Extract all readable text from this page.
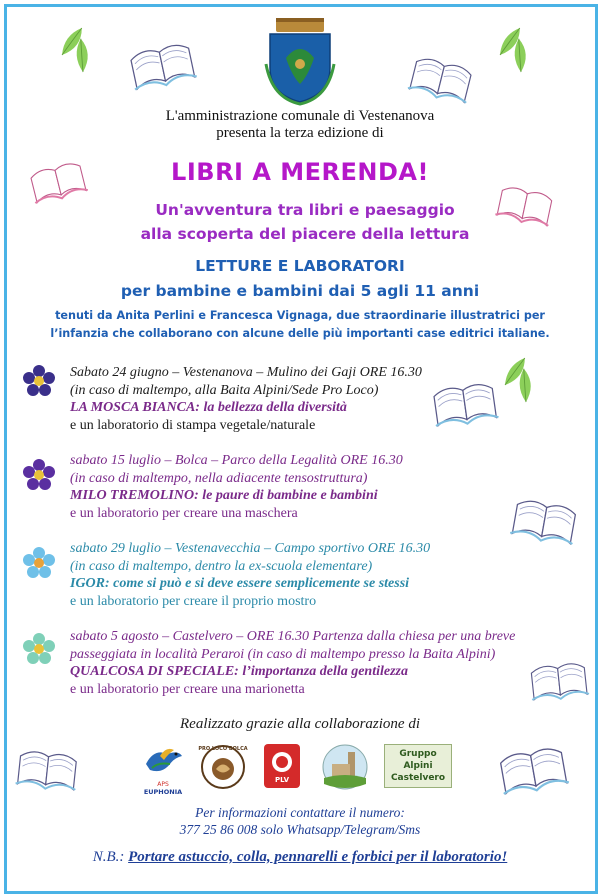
L'amministrazione comunale di Vestenanova
presenta la terza edizione di
LIBRI A MERENDA!
Un'avventura tra libri e paesaggio
alla scoperta del piacere della lettura
LETTURE E LABORATORI
per bambine e bambini dai 5 agli 11 anni
tenuti da Anita Perlini e Francesca Vignaga, due straordinarie illustratrici per
l’infanzia che collaborano con alcune delle più importanti case editrici italiane.
Sabato 24 giugno – Vestenanova – Mulino dei Gaji ORE 16.30
(in caso di maltempo, alla Baita Alpini/Sede Pro Loco)
LA MOSCA BIANCA: la bellezza della diversità
e un laboratorio di stampa vegetale/naturale
sabato 15 luglio – Bolca – Parco della Legalità ORE 16.30
(in caso di maltempo, nella adiacente tensostruttura)
MILO TREMOLINO: le paure di bambine e bambini
e un laboratorio per creare una maschera
sabato 29 luglio – Vestenavecchia – Campo sportivo ORE 16.30
(in caso di maltempo, dentro la ex-scuola elementare)
IGOR: come si può e si deve essere semplicemente se stessi
e un laboratorio per creare il proprio mostro
sabato 5 agosto – Castelvero – ORE 16.30 Partenza dalla chiesa per una breve
passeggiata in località Peraroi (in caso di maltempo presso la Baita Alpini)
QUALCOSA DI SPECIALE: l’importanza della gentilezza
e un laboratorio per creare una marionetta
Realizzato grazie alla collaborazione di
APS
EUPHONIA
PRO LOCO BOLCA
PLV
Gruppo
Alpini
Castelvero
Per informazioni contattare il numero:
377 25 86 008 solo Whatsapp/Telegram/Sms
N.B.: Portare astuccio, colla, pennarelli e forbici per il laboratorio!
